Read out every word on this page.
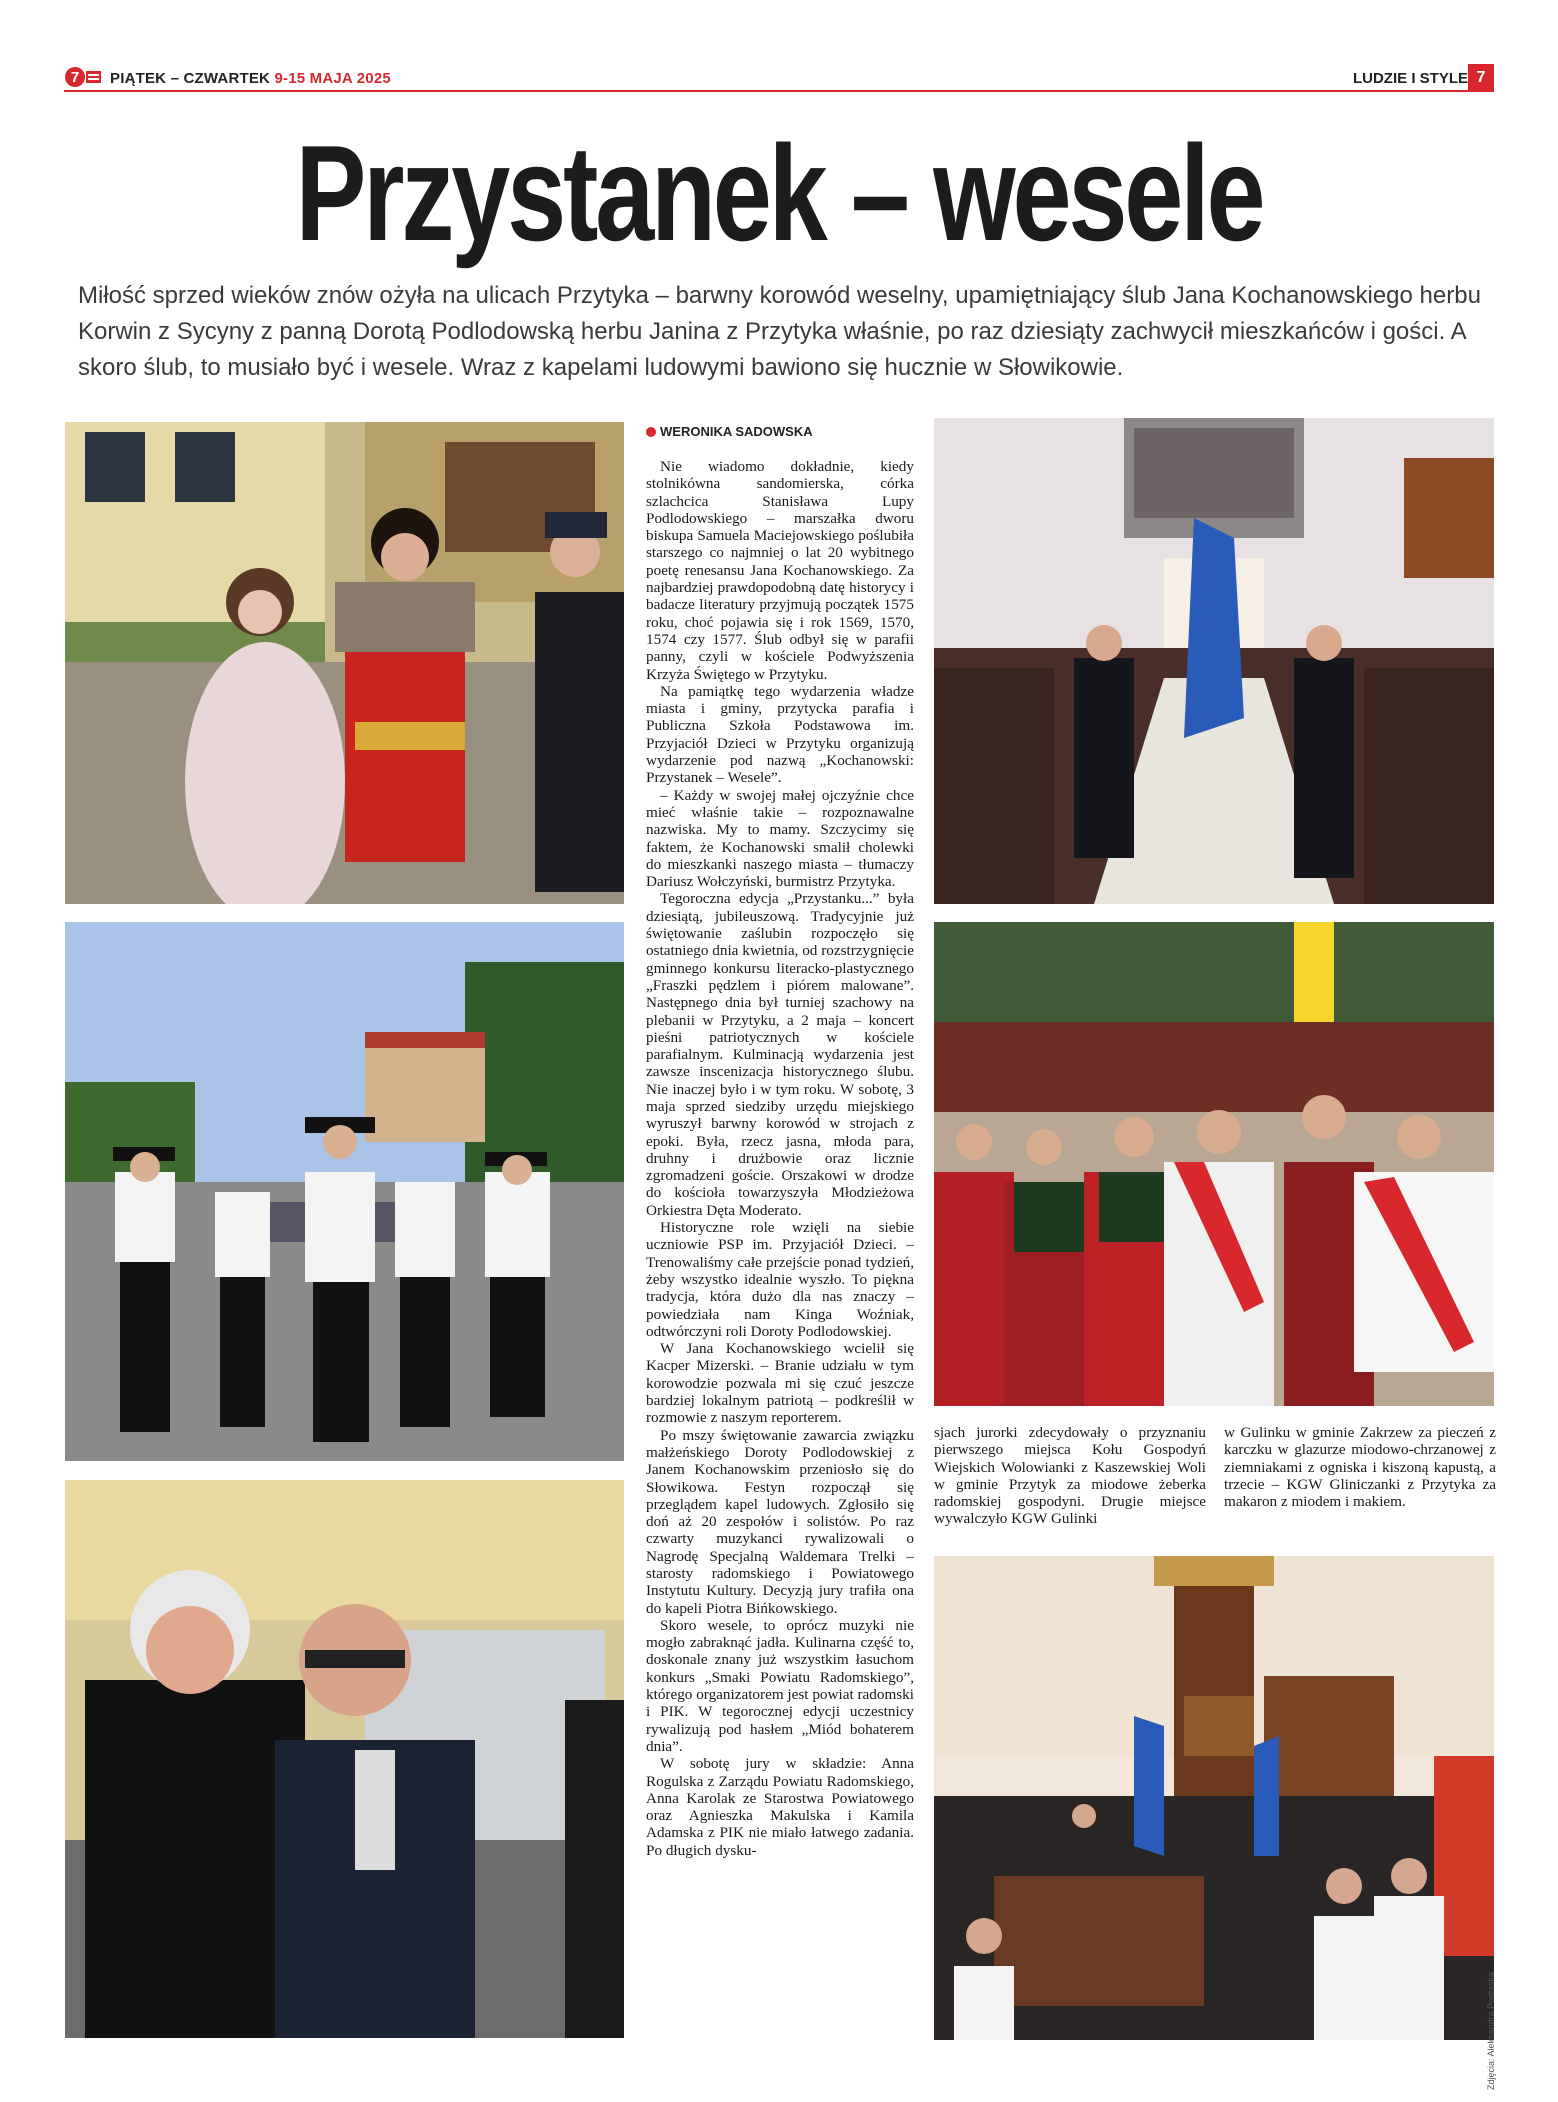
7 PIĄTEK – CZWARTEK 9-15 MAJA 2025	LUDZIE I STYLE 7
Przystanek – wesele
Miłość sprzed wieków znów ożyła na ulicach Przytyka – barwny korowód weselny, upamiętniający ślub Jana Kochanowskiego herbu Korwin z Sycyny z panną Dorotą Podlodowską herbu Janina z Przytyka właśnie, po raz dziesiąty zachwycił mieszkańców i gości. A skoro ślub, to musiało być i wesele. Wraz z kapelami ludowymi bawiono się hucznie w Słowikowie.
WERONIKA SADOWSKA

Nie wiadomo dokładnie, kiedy stolnikówna sandomierska, córka szlachcica Stanisława Lupy Podlodowskiego – marszałka dworu biskupa Samuela Maciejowskiego poślubiła starszego co najmniej o lat 20 wybitnego poetę renesansu Jana Kochanowskiego. Za najbardziej prawdopodobną datę historycy i badacze literatury przyjmują początek 1575 roku, choć pojawia się i rok 1569, 1570, 1574 czy 1577. Ślub odbył się w parafii panny, czyli w kościele Podwyższenia Krzyża Świętego w Przytyku.

Na pamiątkę tego wydarzenia władze miasta i gminy, przytycka parafia i Publiczna Szkoła Podstawowa im. Przyjaciół Dzieci w Przytyku organizują wydarzenie pod nazwą „Kochanowski: Przystanek – Wesele”.

– Każdy w swojej małej ojczyźnie chce mieć właśnie takie – rozpoznawalne nazwiska. My to mamy. Szczycimy się faktem, że Kochanowski smalił cholewki do mieszkanki naszego miasta – tłumaczy Dariusz Wołczyński, burmistrz Przytyka.

Tegoroczna edycja „Przystanku...” była dziesiątą, jubileuszową. Tradycyjnie już świętowanie zaślubin rozpoczęło się ostatniego dnia kwietnia, od rozstrzygnięcie gminnego konkursu literacko-plastycznego „Fraszki pędzlem i piórem malowane”. Następnego dnia był turniej szachowy na plebanii w Przytyku, a 2 maja – koncert pieśni patriotycznych w kościele parafialnym. Kulminacją wydarzenia jest zawsze inscenizacja historycznego ślubu. Nie inaczej było i w tym roku. W sobotę, 3 maja sprzed siedziby urzędu miejskiego wyruszył barwny korowód w strojach z epoki. Była, rzecz jasna, młoda para, druhny i drużbowie oraz licznie zgromadzeni goście. Orszakowi w drodze do kościoła towarzyszyła Młodzieżowa Orkiestra Dęta Moderato.

Historyczne role wzięli na siebie uczniowie PSP im. Przyjaciół Dzieci. – Trenowaliśmy całe przejście ponad tydzień, żeby wszystko idealnie wyszło. To piękna tradycja, która dużo dla nas znaczy – powiedziała nam Kinga Woźniak, odtwórczyni roli Doroty Podlodowskiej.

W Jana Kochanowskiego wcielił się Kacper Mizerski. – Branie udziału w tym korowodzie pozwala mi się czuć jeszcze bardziej lokalnym patriotą – podkreślił w rozmowie z naszym reporterem.

Po mszy świętowanie zawarcia związku małżeńskiego Doroty Podlodowskiej z Janem Kochanowskim przeniosło się do Słowikowa. Festyn rozpoczął się przeglądem kapel ludowych. Zgłosiło się doń aż 20 zespołów i solistów. Po raz czwarty muzykanci rywalizowali o Nagrodę Specjalną Waldemara Trelki – starosty radomskiego i Powiatowego Instytutu Kultury. Decyzją jury trafiła ona do kapeli Piotra Bińkowskiego.

Skoro wesele, to oprócz muzyki nie mogło zabraknąć jadła. Kulinarna część to, doskonale znany już wszystkim łasuchom konkurs „Smaki Powiatu Radomskiego”, którego organizatorem jest powiat radomski i PIK. W tegorocznej edycji uczestnicy rywalizują pod hasłem „Miód bohaterem dnia”.

W sobotę jury w składzie: Anna Rogulska z Zarządu Powiatu Radomskiego, Anna Karolak ze Starostwa Powiatowego oraz Agnieszka Makulska i Kamila Adamska z PIK nie miało łatwego zadania. Po długich dysku-

sjach jurorki zdecydowały o przyznaniu pierwszego miejsca Kołu Gospodyń Wiejskich Wolowianki z Kaszewskiej Woli w gminie Przytyk za miodowe żeberka radomskiej gospodyni. Drugie miejsce wywalczyło KGW Gulinki

w Gulinku w gminie Zakrzew za pieczeń z karczku w glazurze miodowo-chrzanowej z ziemniakami z ogniska i kiszoną kapustą, a trzecie – KGW Gliniczanki z Przytyka za makaron z miodem i makiem.

Zdjęcia: Aleksandra Podlaska
